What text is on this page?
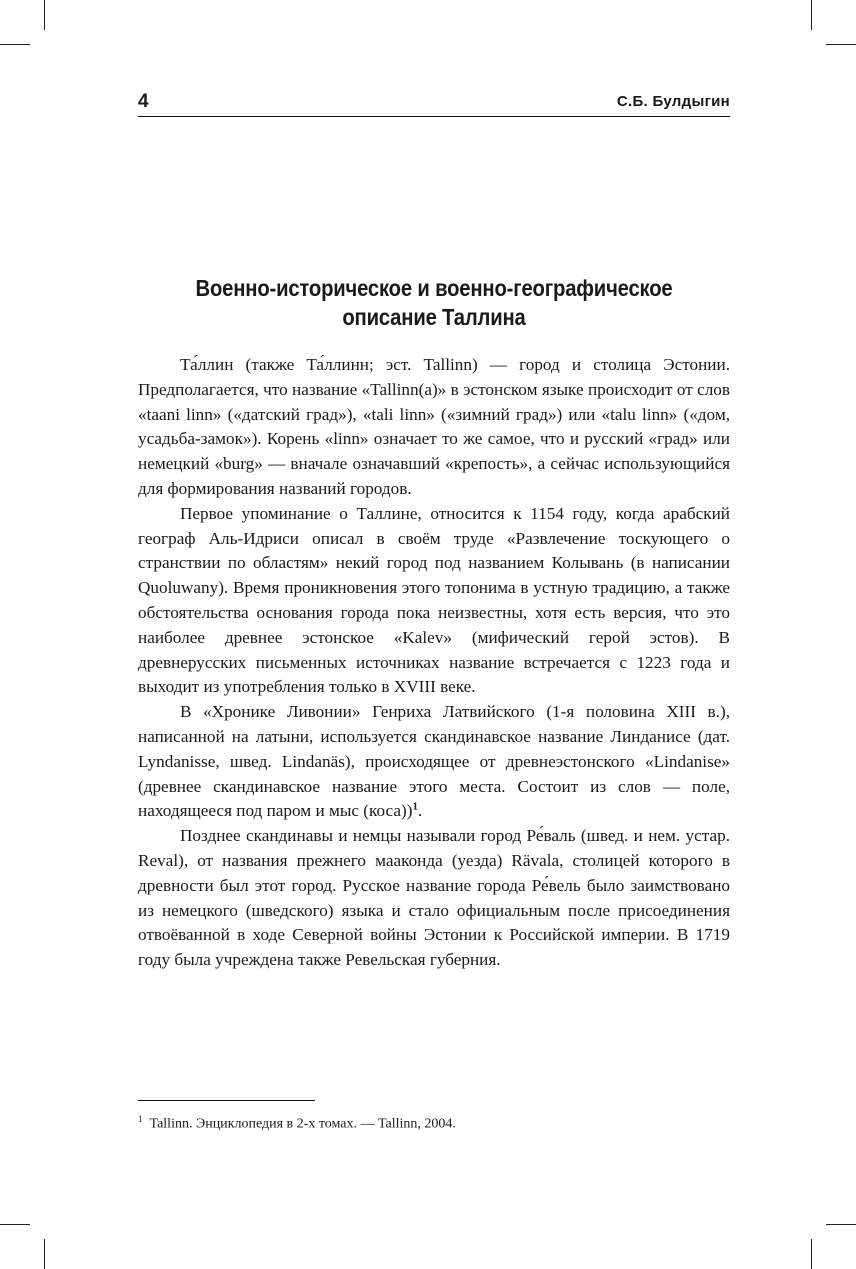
4	С.Б. Булдыгин
Военно-историческое и военно-географическое
описание Таллина

Та́ллин (также Та́ллинн; эст. Tallinn) — город и столица Эстонии. Предполагается, что название «Tallinn(a)» в эстонском языке происходит от слов «taani linn» («датский град»), «tali linn» («зимний град») или «talu linn» («дом, усадьба-замок»). Корень «linn» означает то же самое, что и русский «град» или немецкий «burg» — вначале означавший «крепость», а сейчас использующийся для формирования названий городов.

Первое упоминание о Таллине, относится к 1154 году, когда арабский географ Аль-Идриси описал в своём труде «Развлечение тоскующего о странствии по областям» некий город под названием Колывань (в написании Quoluwany). Время проникновения этого топонима в устную традицию, а также обстоятельства основания города пока неизвестны, хотя есть версия, что это наиболее древнее эстонское «Kalev» (мифический герой эстов). В древнерусских письменных источниках название встречается с 1223 года и выходит из употребления только в XVIII веке.

В «Хронике Ливонии» Генриха Латвийского (1-я половина XIII в.), написанной на латыни, используется скандинавское название Линданисе (дат. Lyndanisse, швед. Lindanäs), происходящее от древнеэстонского «Lindanise» (древнее скандинавское название этого места. Состоит из слов — поле, находящееся под паром и мыс (коса))$^1$.

Позднее скандинавы и немцы называли город Ре́валь (швед. и нем. устар. Reval), от названия прежнего мааконда (уезда) Rävala, столицей которого в древности был этот город. Русское название города Ре́вель было заимствовано из немецкого (шведского) языка и стало официальным после присоединения отвоёванной в ходе Северной войны Эстонии к Российской империи. В 1719 году была учреждена также Ревельская губерния.

$^1$ Tallinn. Энциклопедия в 2-х томах. — Tallinn, 2004.
